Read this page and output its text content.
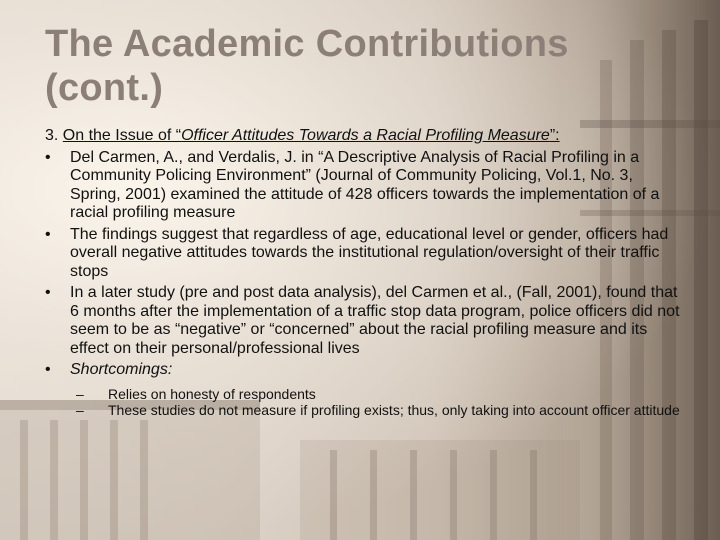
The Academic Contributions
(cont.)

3. On the Issue of “Officer Attitudes Towards a Racial Profiling Measure”:

• Del Carmen, A., and Verdalis, J. in “A Descriptive Analysis of Racial Profiling in a Community Policing Environment” (Journal of Community Policing, Vol.1, No. 3, Spring, 2001) examined the attitude of 428 officers towards the implementation of a racial profiling measure
• The findings suggest that regardless of age, educational level or gender, officers had overall negative attitudes towards the institutional regulation/oversight of their traffic stops
• In a later study (pre and post data analysis), del Carmen et al., (Fall, 2001), found that 6 months after the implementation of a traffic stop data program, police officers did not seem to be as “negative” or “concerned” about the racial profiling measure and its effect on their personal/professional lives
• Shortcomings:
– Relies on honesty of respondents
– These studies do not measure if profiling exists; thus, only taking into account officer attitude
